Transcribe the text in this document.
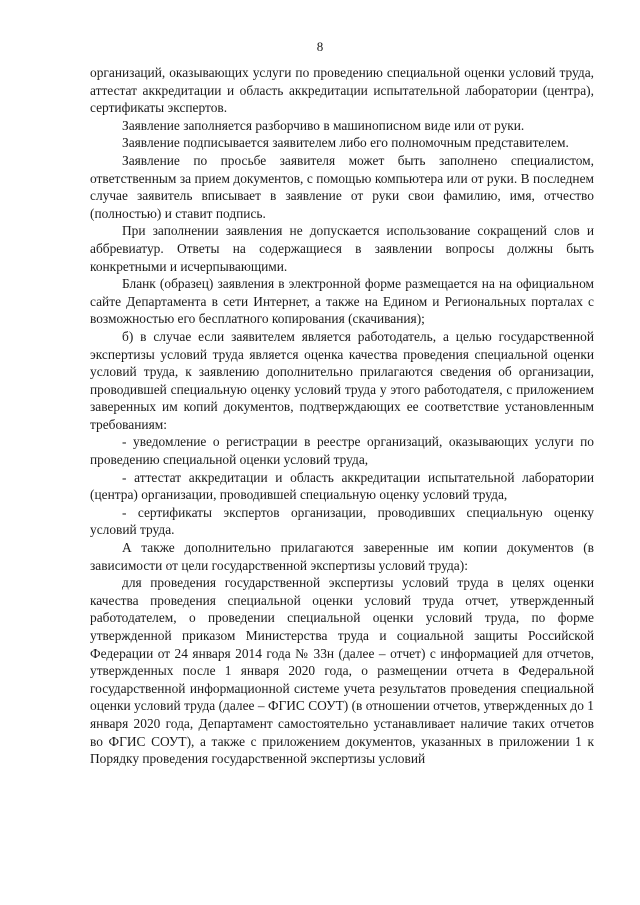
8

организаций, оказывающих услуги по проведению специальной оценки условий труда, аттестат аккредитации и область аккредитации испытательной лаборатории (центра), сертификаты экспертов.

Заявление заполняется разборчиво в машинописном виде или от руки.

Заявление подписывается заявителем либо его полномочным представителем.

Заявление по просьбе заявителя может быть заполнено специалистом, ответственным за прием документов, с помощью компьютера или от руки. В последнем случае заявитель вписывает в заявление от руки свои фамилию, имя, отчество (полностью) и ставит подпись.

При заполнении заявления не допускается использование сокращений слов и аббревиатур. Ответы на содержащиеся в заявлении вопросы должны быть конкретными и исчерпывающими.

Бланк (образец) заявления в электронной форме размещается на на официальном сайте Департамента в сети Интернет, а также на Едином и Региональных порталах с возможностью его бесплатного копирования (скачивания);

б) в случае если заявителем является работодатель, а целью государственной экспертизы условий труда является оценка качества проведения специальной оценки условий труда, к заявлению дополнительно прилагаются сведения об организации, проводившей специальную оценку условий труда у этого работодателя, с приложением заверенных им копий документов, подтверждающих ее соответствие установленным требованиям:

- уведомление о регистрации в реестре организаций, оказывающих услуги по проведению специальной оценки условий труда,

- аттестат аккредитации и область аккредитации испытательной лаборатории (центра) организации, проводившей специальную оценку условий труда,

- сертификаты экспертов организации, проводивших специальную оценку условий труда.

А также дополнительно прилагаются заверенные им копии документов (в зависимости от цели государственной экспертизы условий труда):

для проведения государственной экспертизы условий труда в целях оценки качества проведения специальной оценки условий труда отчет, утвержденный работодателем, о проведении специальной оценки условий труда, по форме утвержденной приказом Министерства труда и социальной защиты Российской Федерации от 24 января 2014 года № 33н (далее – отчет) с информацией для отчетов, утвержденных после 1 января 2020 года, о размещении отчета в Федеральной государственной информационной системе учета результатов проведения специальной оценки условий труда (далее – ФГИС СОУТ) (в отношении отчетов, утвержденных до 1 января 2020 года, Департамент самостоятельно устанавливает наличие таких отчетов во ФГИС СОУТ), а также с приложением документов, указанных в приложении 1 к Порядку проведения государственной экспертизы условий
